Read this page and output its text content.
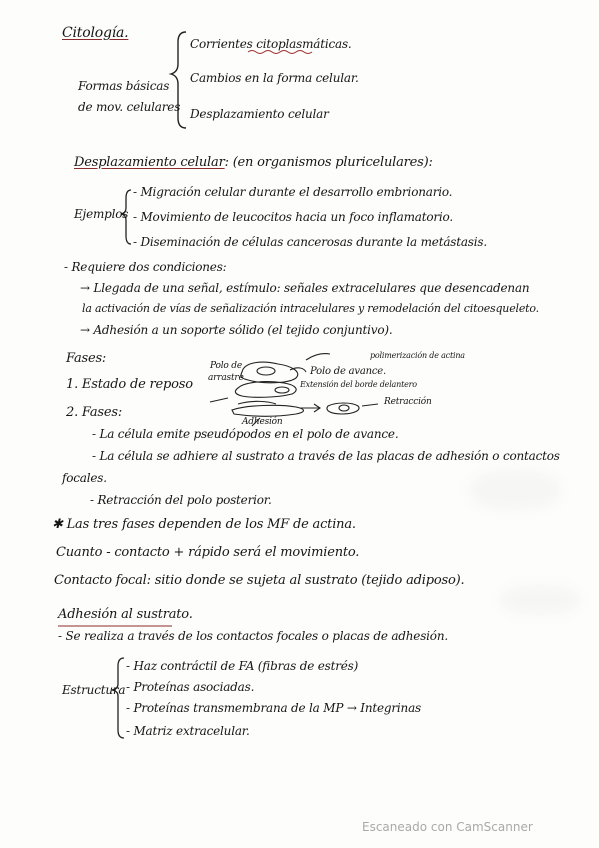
Citología.
Formas básicas
de mov. celulares
Corrientes citoplasmáticas.
Cambios en la forma celular.
Desplazamiento celular
Desplazamiento celular: (en organismos pluricelulares):
Ejemplos
- Migración celular durante el desarrollo embrionario.
- Movimiento de leucocitos hacia un foco inflamatorio.
- Diseminación de células cancerosas durante la metástasis.
- Requiere dos condiciones:
→ Llegada de una señal, estímulo: señales extracelulares que desencadenan
la activación de vías de señalización intracelulares y remodelación del citoesqueleto.
→ Adhesión a un soporte sólido (el tejido conjuntivo).
Fases:
1. Estado de reposo
2. Fases:
Polo de
arrastre
Polo de avance.
polimerización de actina
Extensión del borde delantero
Retracción
Adhesión
- La célula emite pseudópodos en el polo de avance.
- La célula se adhiere al sustrato a través de las placas de adhesión o contactos
focales.
- Retracción del polo posterior.
✱ Las tres fases dependen de los MF de actina.
Cuanto - contacto + rápido será el movimiento.
Contacto focal: sitio donde se sujeta al sustrato (tejido adiposo).
Adhesión al sustrato.
- Se realiza a través de los contactos focales o placas de adhesión.
Estructura
- Haz contráctil de FA (fibras de estrés)
- Proteínas asociadas.
- Proteínas transmembrana de la MP → Integrinas
- Matriz extracelular.
Escaneado con CamScanner
